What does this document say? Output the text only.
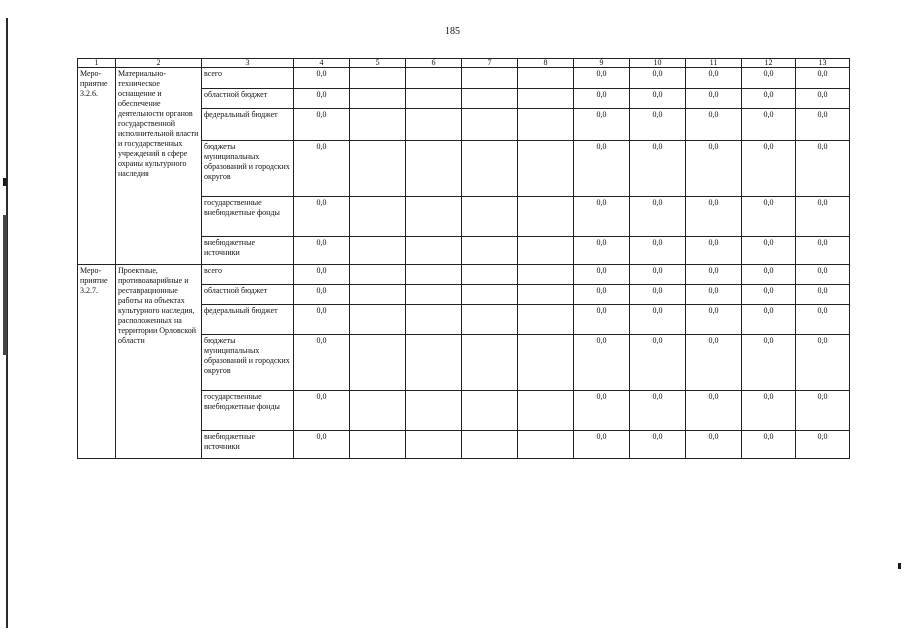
185
1	2	3	4	5	6	7	8	9	10	11	12	13

Меро-
приятие
3.2.6.	Материально-техническое оснащение и обеспечение деятельности органов государственной исполнительной власти и государственных учреждений в сфере охраны культурного наследия	всего	0,0					0,0	0,0	0,0	0,0	0,0
		областной бюджет	0,0					0,0	0,0	0,0	0,0	0,0
		федеральный бюджет	0,0					0,0	0,0	0,0	0,0	0,0
		бюджеты муниципальных образований и городских округов	0,0					0,0	0,0	0,0	0,0	0,0
		государственные внебюджетные фонды	0,0					0,0	0,0	0,0	0,0	0,0
		внебюджетные источники	0,0					0,0	0,0	0,0	0,0	0,0

Меро-
приятие
3.2.7.	Проектные, противоаварийные и реставрационные работы на объектах культурного наследия, расположенных на территории Орловской области	всего	0,0					0,0	0,0	0,0	0,0	0,0
		областной бюджет	0,0					0,0	0,0	0,0	0,0	0,0
		федеральный бюджет	0,0					0,0	0,0	0,0	0,0	0,0
		бюджеты муниципальных образований и городских округов	0,0					0,0	0,0	0,0	0,0	0,0
		государственные внебюджетные фонды	0,0					0,0	0,0	0,0	0,0	0,0
		внебюджетные источники	0,0					0,0	0,0	0,0	0,0	0,0
